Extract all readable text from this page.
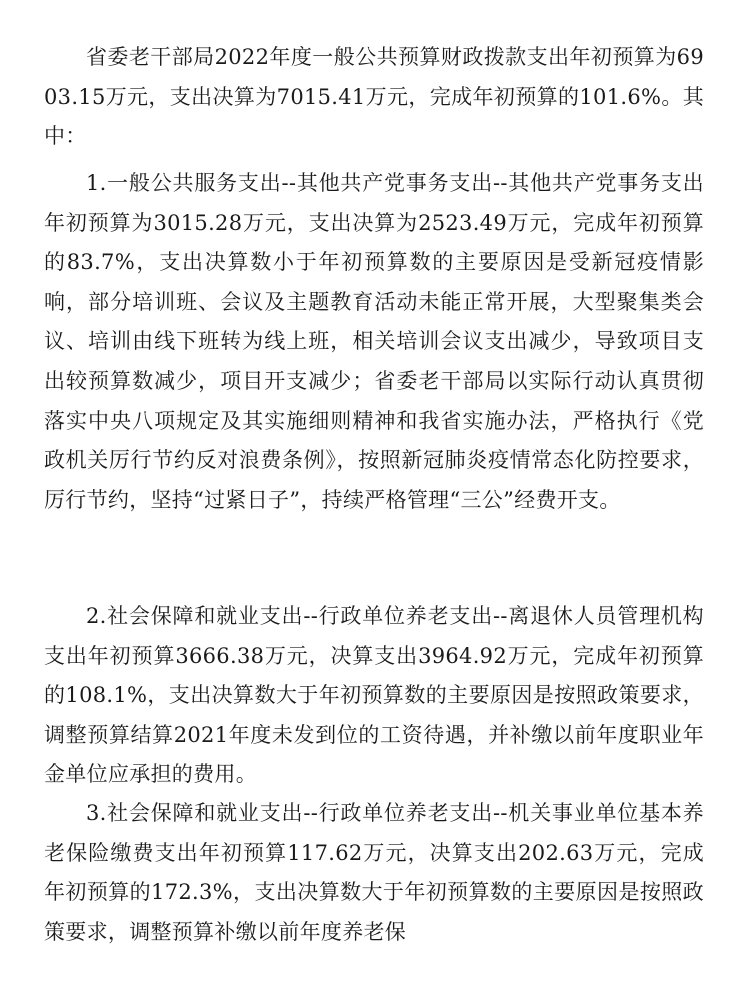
省委老干部局2022年度一般公共预算财政拨款支出年初预算为6903.15万元，支出决算为7015.41万元，完成年初预算的101.6%。其中：

1.一般公共服务支出--其他共产党事务支出--其他共产党事务支出年初预算为3015.28万元，支出决算为2523.49万元，完成年初预算的83.7%，支出决算数小于年初预算数的主要原因是受新冠疫情影响，部分培训班、会议及主题教育活动未能正常开展，大型聚集类会议、培训由线下班转为线上班，相关培训会议支出减少，导致项目支出较预算数减少，项目开支减少；省委老干部局以实际行动认真贯彻落实中央八项规定及其实施细则精神和我省实施办法，严格执行《党政机关厉行节约反对浪费条例》，按照新冠肺炎疫情常态化防控要求，厉行节约，坚持“过紧日子”，持续严格管理“三公”经费开支。

2.社会保障和就业支出--行政单位养老支出--离退休人员管理机构支出年初预算3666.38万元，决算支出3964.92万元，完成年初预算的108.1%，支出决算数大于年初预算数的主要原因是按照政策要求，调整预算结算2021年度未发到位的工资待遇，并补缴以前年度职业年金单位应承担的费用。

3.社会保障和就业支出--行政单位养老支出--机关事业单位基本养老保险缴费支出年初预算117.62万元，决算支出202.63万元，完成年初预算的172.3%，支出决算数大于年初预算数的主要原因是按照政策要求，调整预算补缴以前年度养老保
